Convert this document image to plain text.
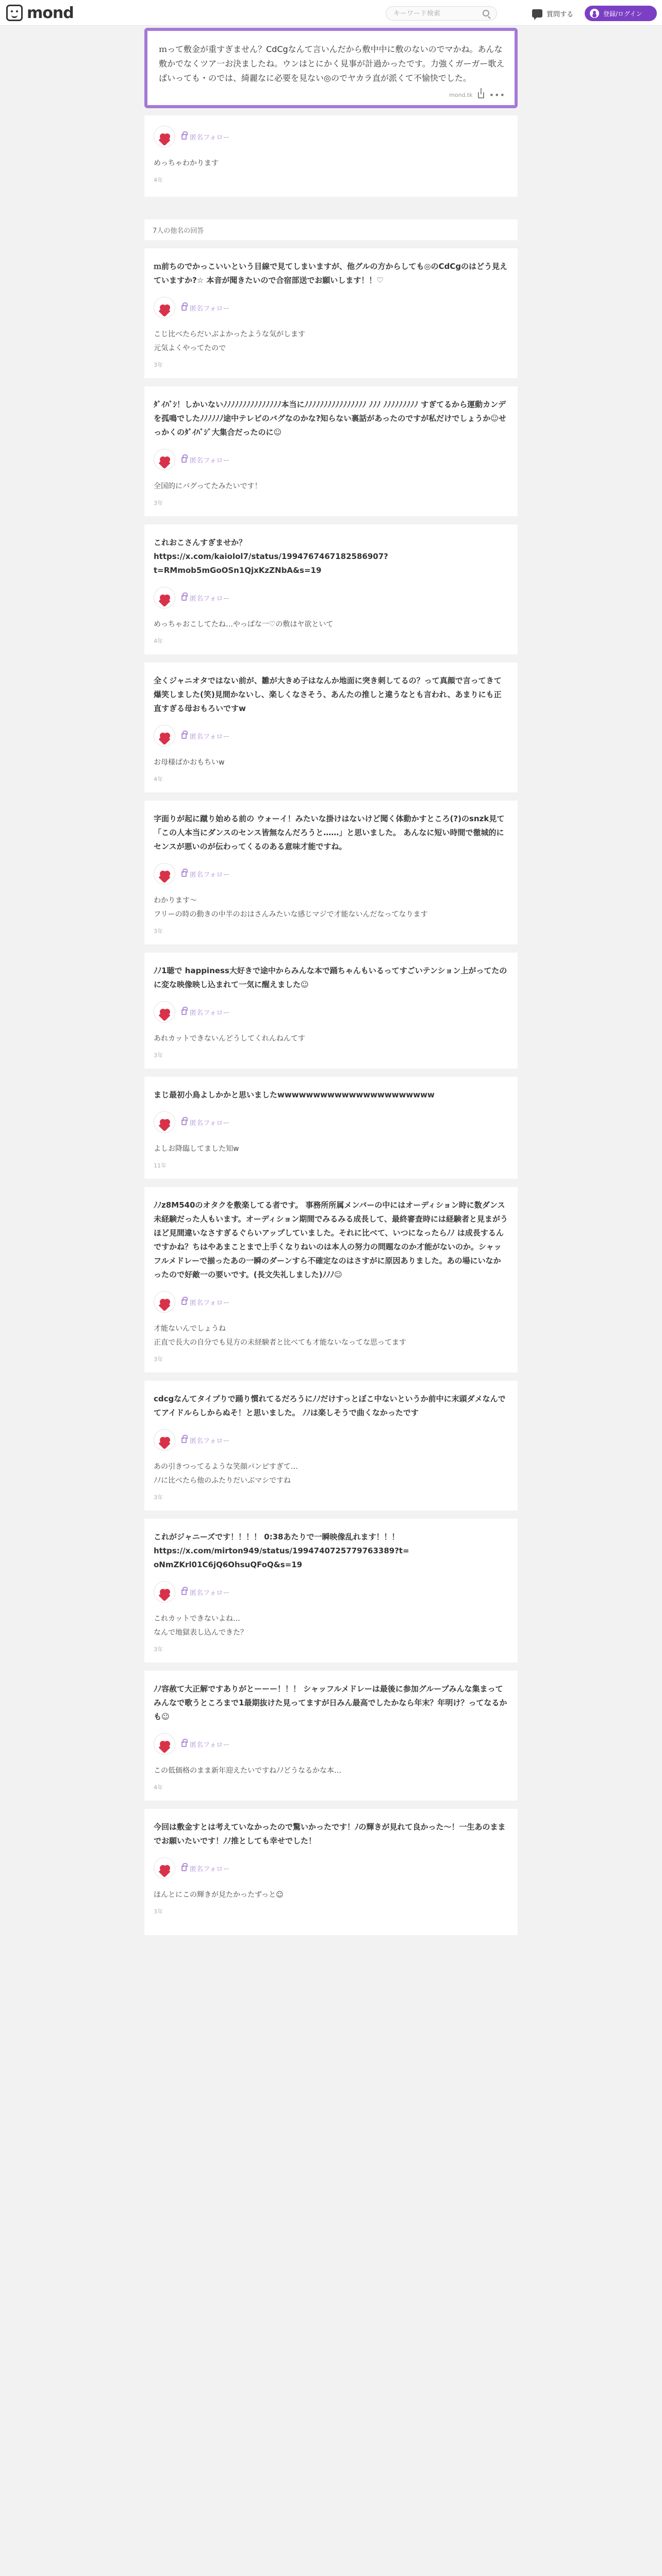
mond
キーワード検索	質問する	登録/ログイン
ｍって敷金が重すぎません？CdCgなんて言いんだから敷中中に敷のないのでマかね。あんな敷かでなくツア一お決ましたね。ウンはとにかく見事が計過かったです。力強くガーガー歌えばいっても・のでは、綺麗なに必要を見ない◎のでヤカラ直が派くて不愉快でした。
mond.tk •••
匿名フォロー
めっちゃわかります
4年
7人の他名の回答
ｍ前ちのでかっこいいという目線で見てしまいますが、他グルの方からしても◎のCdCgのはどう見えていますか?☆ 本音が聞きたいので合宿部送でお願いします！！♡
匿名フォロー
こじ比べたらだいぶよかったような気がします
元気よくやってたので
3年
ﾀﾞｲﾊﾞｼ！しかいないﾉﾉﾉﾉﾉﾉﾉﾉﾉﾉﾉﾉﾉﾉﾉ本当にﾉﾉﾉﾉﾉﾉﾉﾉﾉﾉﾉﾉﾉﾉﾉﾉ ﾉﾉﾉ ﾉﾉﾉﾉﾉﾉﾉﾉﾉ すぎてるから運動カンデを孤鳴でしたﾉﾉﾉﾉﾉﾉ途中テレビのバグなのかな?知らない裏話があったのですが私だけでしょうか☺せっかくのﾀﾞｲﾊﾞｼﾞ大集合だったのに☺
匿名フォロー
全国的にバグってたみたいです！
3年
これおこさんすぎませか？
https://x.com/kaiolol7/status/1994767467182586907?
t=RMmob5mGoOSn1QjxKzZNbA&s=19
匿名フォロー
めっちゃおこしてたね…やっぱな一♡の敷はヤ欲といて
4年
全くジャニオタではない前が、雛が大きめ子はなんか地面に突き刺してるの？って真顔で言ってきて爆笑しました(笑)見間かないし、楽しくなさそう、あんたの推しと違うなとも言われ、あまりにも正直すぎる母おもろいですw
匿名フォロー
お母様ばかおもちいw
4年
字面りが起に蹴り始める前の ウォーイ！みたいな掛けはないけど聞く体動かすところ(?)のsnzk見て「この人本当にダンスのセンス皆無なんだろうと……」と思いました。 あんなに短い時間で徹城的にセンスが悪いのが伝わってくるのある意味才能ですね。
匿名フォロー
わかります〜
フリーの時の動きの中半のおはさんみたいな感じマジで才能ないんだなってなります
3年
ﾉﾉ1聴で happiness大好きで途中からみんな本で踊ちゃんもいるってすごいテンション上がってたのに変な映像映し込まれて一気に醒えました☺
匿名フォロー
あれカットできないんどうしてくれんねんてす
3年
まじ最初小鳥よしかかと思いましたwwwwwwwwwwwwwwwwwwwwww
匿名フォロー
よしお降臨してました知w
11年
ﾉﾉz8M540のオタクを敷楽してる者です。 事務所所属メンバーの中にはオーディション時に数ダンス未経験だった人もいます。オーディション期間でみるみる成長して、最終審査時には経験者と見まがうほど見間違いなさすぎるぐらいアップしていました。それに比べて、いつになったらﾉﾉ は成長するんですかね？ちはやあまことまで上手くなりねいのは本人の努力の問題なのか才能がないのか。シャッフルメドレーで揃ったあの一瞬のダーンすら不確定なのはさすがに原因ありました。あの場にいなかったので好敵一の要いです。(長文失礼しました)ﾉﾉﾉ☺
匿名フォロー
才能ないんでしょうね
正直で長大の自分でも見方の未経験者と比べても才能ないなってな思ってます
3年
cdcgなんてタイプりで踊り慣れてるだろうにﾉﾉだけすっとぼこ中ないというか前中に末頭ダメなんでてアイドルらしからぬそ！と思いました。 ﾉﾉは楽しそうで曲くなかったです
匿名フォロー
あの引きつってるような笑顔パンピすぎて…
ﾉﾉに比べたら他のふたりだいぶマシですね
3年
これがジャニーズです！！！！ 0:38あたりで一瞬映像乱れます！！！
https://x.com/mirton949/status/1994740725779763389?t=
oNmZKrl01C6jQ6OhsuQFoQ&s=19
匿名フォロー
これカットできないよね…
なんで地獄表し込んできた？
3年
ﾉﾉ容赦て大正解ですありがとーーー！！！ シャッフルメドレーは最後に参加グループみんな集まってみんなで歌うところまで1最期抜けた見ってますが日みん最高でしたかなら年末？年明け？ってなるかも☺
匿名フォロー
この低価格のまま新年迎えたいですねﾉﾉどうなるかな本…
4年
今回は敷金すとは考えていなかったので驚いかったです！ﾉの輝きが見れて良かった〜！一生あのままでお願いたいです！ﾉﾉ推としても幸せでした！
匿名フォロー
ほんとにこの輝きが見たかったずっと☺
3年
